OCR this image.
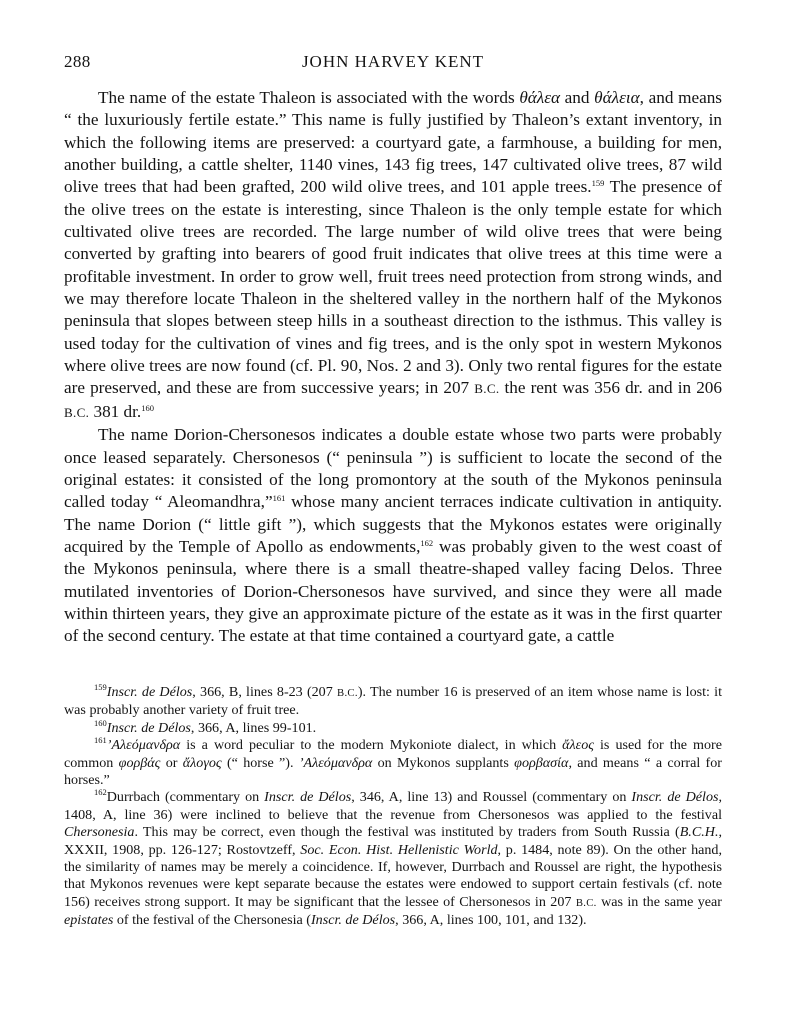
288	JOHN HARVEY KENT

The name of the estate Thaleon is associated with the words θάλεα and θάλεια, and means “ the luxuriously fertile estate.” This name is fully justified by Thaleon’s extant inventory, in which the following items are preserved: a courtyard gate, a farmhouse, a building for men, another building, a cattle shelter, 1140 vines, 143 fig trees, 147 cultivated olive trees, 87 wild olive trees that had been grafted, 200 wild olive trees, and 101 apple trees.$^{159}$ The presence of the olive trees on the estate is interesting, since Thaleon is the only temple estate for which cultivated olive trees are recorded. The large number of wild olive trees that were being converted by grafting into bearers of good fruit indicates that olive trees at this time were a profitable investment. In order to grow well, fruit trees need protection from strong winds, and we may therefore locate Thaleon in the sheltered valley in the northern half of the Mykonos peninsula that slopes between steep hills in a southeast direction to the isthmus. This valley is used today for the cultivation of vines and fig trees, and is the only spot in western Mykonos where olive trees are now found (cf. Pl. 90, Nos. 2 and 3). Only two rental figures for the estate are preserved, and these are from successive years; in 207 B.C. the rent was 356 dr. and in 206 B.C. 381 dr.$^{160}$

The name Dorion-Chersonesos indicates a double estate whose two parts were probably once leased separately. Chersonesos (“ peninsula ”) is sufficient to locate the second of the original estates: it consisted of the long promontory at the south of the Mykonos peninsula called today “ Aleomandhra,”$^{161}$ whose many ancient terraces indicate cultivation in antiquity. The name Dorion (“ little gift ”), which suggests that the Mykonos estates were originally acquired by the Temple of Apollo as endowments,$^{162}$ was probably given to the west coast of the Mykonos peninsula, where there is a small theatre-shaped valley facing Delos. Three mutilated inventories of Dorion-Chersonesos have survived, and since they were all made within thirteen years, they give an approximate picture of the estate as it was in the first quarter of the second century. The estate at that time contained a courtyard gate, a cattle

$^{159}$Inscr. de Délos, 366, B, lines 8-23 (207 B.C.). The number 16 is preserved of an item whose name is lost: it was probably another variety of fruit tree.

$^{160}$Inscr. de Délos, 366, A, lines 99-101.

$^{161}$’Αλεόμανδρα is a word peculiar to the modern Mykoniote dialect, in which ἄλεος is used for the more common φορβάς or ἄλογος (“ horse ”). ’Αλεόμανδρα on Mykonos supplants φορβασία, and means “ a corral for horses.”

$^{162}$Durrbach (commentary on Inscr. de Délos, 346, A, line 13) and Roussel (commentary on Inscr. de Délos, 1408, A, line 36) were inclined to believe that the revenue from Chersonesos was applied to the festival Chersonesia. This may be correct, even though the festival was instituted by traders from South Russia (B.C.H., XXXII, 1908, pp. 126-127; Rostovtzeff, Soc. Econ. Hist. Hellenistic World, p. 1484, note 89). On the other hand, the similarity of names may be merely a coincidence. If, however, Durrbach and Roussel are right, the hypothesis that Mykonos revenues were kept separate because the estates were endowed to support certain festivals (cf. note 156) receives strong support. It may be significant that the lessee of Chersonesos in 207 B.C. was in the same year epistates of the festival of the Chersonesia (Inscr. de Délos, 366, A, lines 100, 101, and 132).
